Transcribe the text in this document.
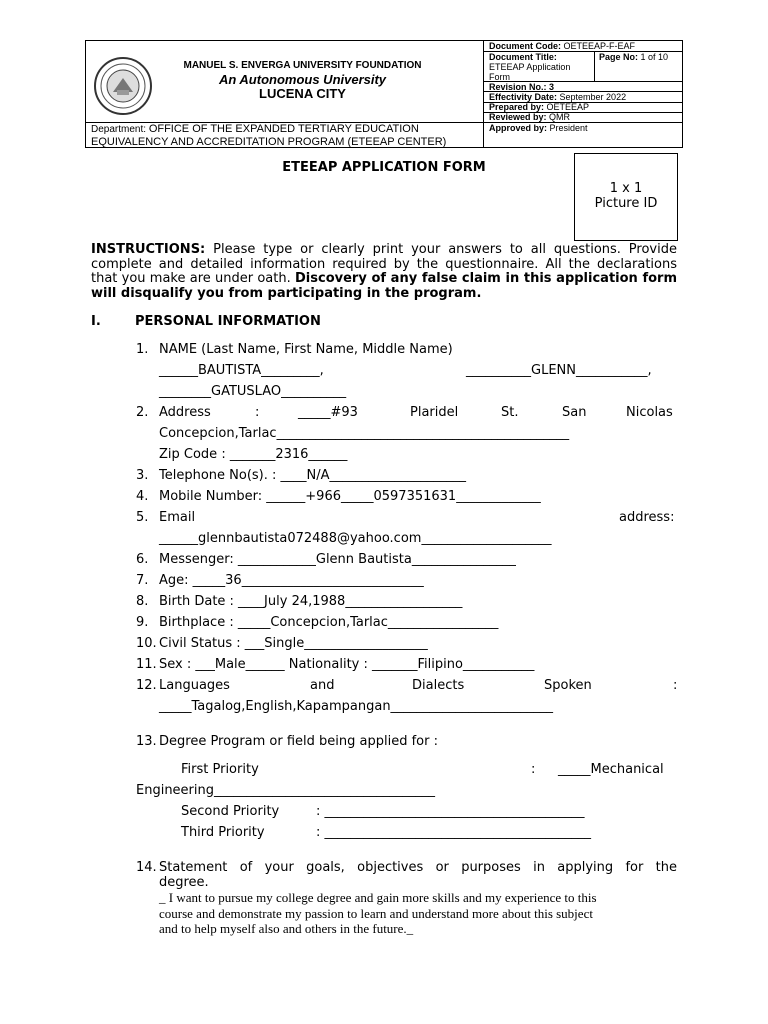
MANUEL S. ENVERGA UNIVERSITY FOUNDATION
An Autonomous University
LUCENA CITY
Department: OFFICE OF THE EXPANDED TERTIARY EDUCATION
EQUIVALENCY AND ACCREDITATION PROGRAM (ETEEAP CENTER)
Document Code: OETEEAP-F-EAF
Document Title:
ETEEAP Application
Form
Page No: 1 of 10
Revision No.: 3
Effectivity Date: September 2022
Prepared by: OETEEAP
Reviewed by: QMR
Approved by: President
ETEEAP APPLICATION FORM
1 x 1
Picture ID
INSTRUCTIONS: Please type or clearly print your answers to all questions. Provide complete and detailed information required by the questionnaire. All the declarations that you make are under oath. Discovery of any false claim in this application form will disqualify you from participating in the program.
I.	PERSONAL INFORMATION
1. NAME (Last Name, First Name, Middle Name)
______BAUTISTA_________,	__________GLENN___________,
________GATUSLAO__________
2. Address	:	_____#93	Plaridel	St.	San	Nicolas
Concepcion,Tarlac_____________________________________________
Zip Code : _______2316______
3. Telephone No(s). : ____N/A_____________________
4. Mobile Number: ______+966_____0597351631_____________
5. Email	address:
______glennbautista072488@yahoo.com____________________
6. Messenger: ____________Glenn Bautista________________
7. Age: _____36____________________________
8. Birth Date : ____July 24,1988__________________
9. Birthplace : _____Concepcion,Tarlac_________________
10. Civil Status : ___Single___________________
11. Sex : ___Male______ Nationality : _______Filipino___________
12. Languages	and	Dialects	Spoken	:
_____Tagalog,English,Kapampangan_________________________
13. Degree Program or field being applied for :
First Priority	: _____Mechanical
Engineering__________________________________
Second Priority	: ________________________________________
Third Priority	: _________________________________________
14. Statement of your goals, objectives or purposes in applying for the
degree.
_ I want to pursue my college degree and gain more skills and my experience to this
course and demonstrate my passion to learn and understand more about this subject
and to help myself also and others in the future._
